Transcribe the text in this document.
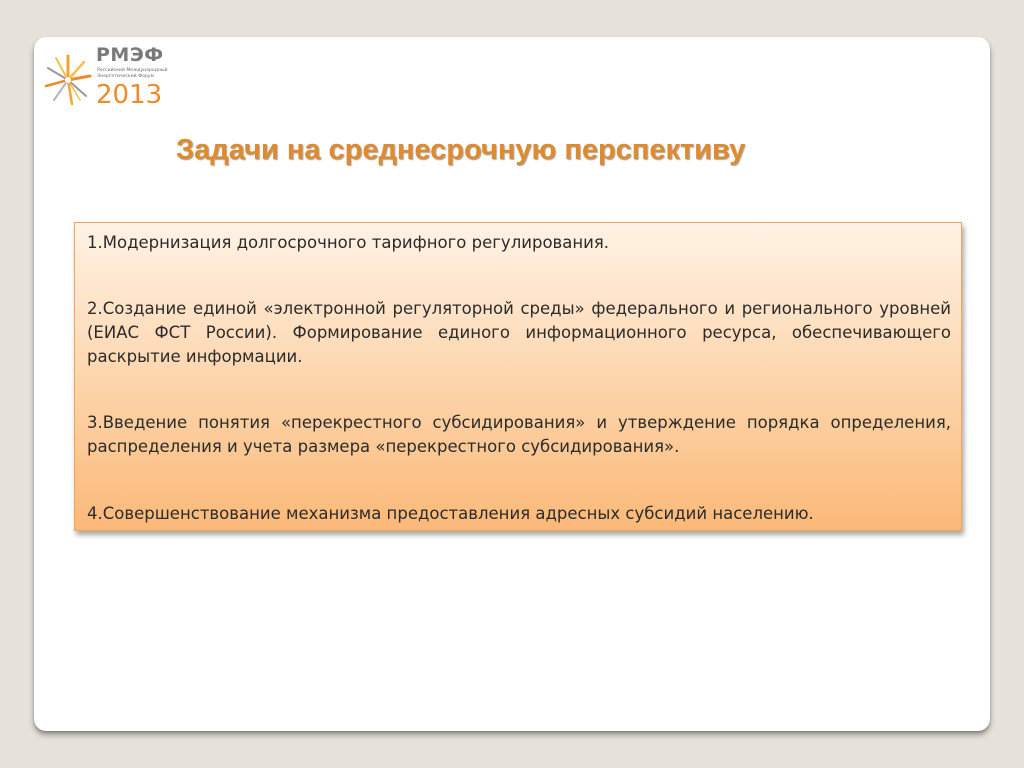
РМЭФ
Российский Международный
Энергетический Форум
2013
Задачи на среднесрочную перспективу
1.Модернизация долгосрочного тарифного регулирования.
2.Создание единой «электронной регуляторной среды» федерального и регионального уровней (ЕИАС ФСТ России). Формирование единого информационного ресурса, обеспечивающего раскрытие информации.
3.Введение понятия «перекрестного субсидирования» и утверждение порядка определения, распределения и учета размера «перекрестного субсидирования».
4.Совершенствование механизма предоставления адресных субсидий населению.
